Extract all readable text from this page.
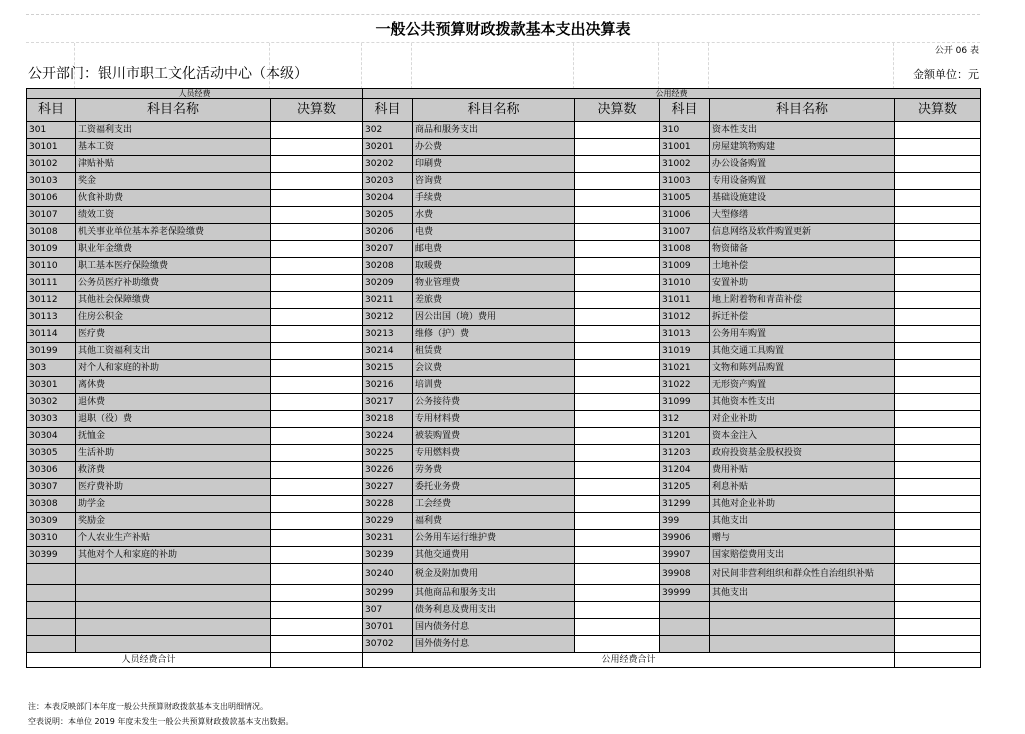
一般公共预算财政拨款基本支出决算表
公开 06 表
公开部门：银川市职工文化活动中心（本级）	金额单位：元
人员经费			公用经费					
科目	科目名称	决算数	科目	科目名称	决算数	科目	科目名称	决算数
301	工资福利支出		302	商品和服务支出		310	资本性支出	
30101	基本工资		30201	办公费		31001	房屋建筑物购建	
30102	津贴补贴		30202	印刷费		31002	办公设备购置	
30103	奖金		30203	咨询费		31003	专用设备购置	
30106	伙食补助费		30204	手续费		31005	基础设施建设	
30107	绩效工资		30205	水费		31006	大型修缮	
30108	机关事业单位基本养老保险缴费		30206	电费		31007	信息网络及软件购置更新	
30109	职业年金缴费		30207	邮电费		31008	物资储备	
30110	职工基本医疗保险缴费		30208	取暖费		31009	土地补偿	
30111	公务员医疗补助缴费		30209	物业管理费		31010	安置补助	
30112	其他社会保障缴费		30211	差旅费		31011	地上附着物和青苗补偿	
30113	住房公积金		30212	因公出国（境）费用		31012	拆迁补偿	
30114	医疗费		30213	维修（护）费		31013	公务用车购置	
30199	其他工资福利支出		30214	租赁费		31019	其他交通工具购置	
303	对个人和家庭的补助		30215	会议费		31021	文物和陈列品购置	
30301	离休费		30216	培训费		31022	无形资产购置	
30302	退休费		30217	公务接待费		31099	其他资本性支出	
30303	退职（役）费		30218	专用材料费		312	对企业补助	
30304	抚恤金		30224	被装购置费		31201	资本金注入	
30305	生活补助		30225	专用燃料费		31203	政府投资基金股权投资	
30306	救济费		30226	劳务费		31204	费用补贴	
30307	医疗费补助		30227	委托业务费		31205	利息补贴	
30308	助学金		30228	工会经费		31299	其他对企业补助	
30309	奖励金		30229	福利费		399	其他支出	
30310	个人农业生产补贴		30231	公务用车运行维护费		39906	赠与	
30399	其他对个人和家庭的补助		30239	其他交通费用		39907	国家赔偿费用支出	
			30240	税金及附加费用		39908	对民间非营利组织和群众性自治组织补贴	
			30299	其他商品和服务支出		39999	其他支出	
			307	债务利息及费用支出				
			30701	国内债务付息				
			30702	国外债务付息				
人员经费合计			公用经费合计					
注：本表反映部门本年度一般公共预算财政拨款基本支出明细情况。
空表说明：本单位 2019 年度未发生一般公共预算财政拨款基本支出数据。
